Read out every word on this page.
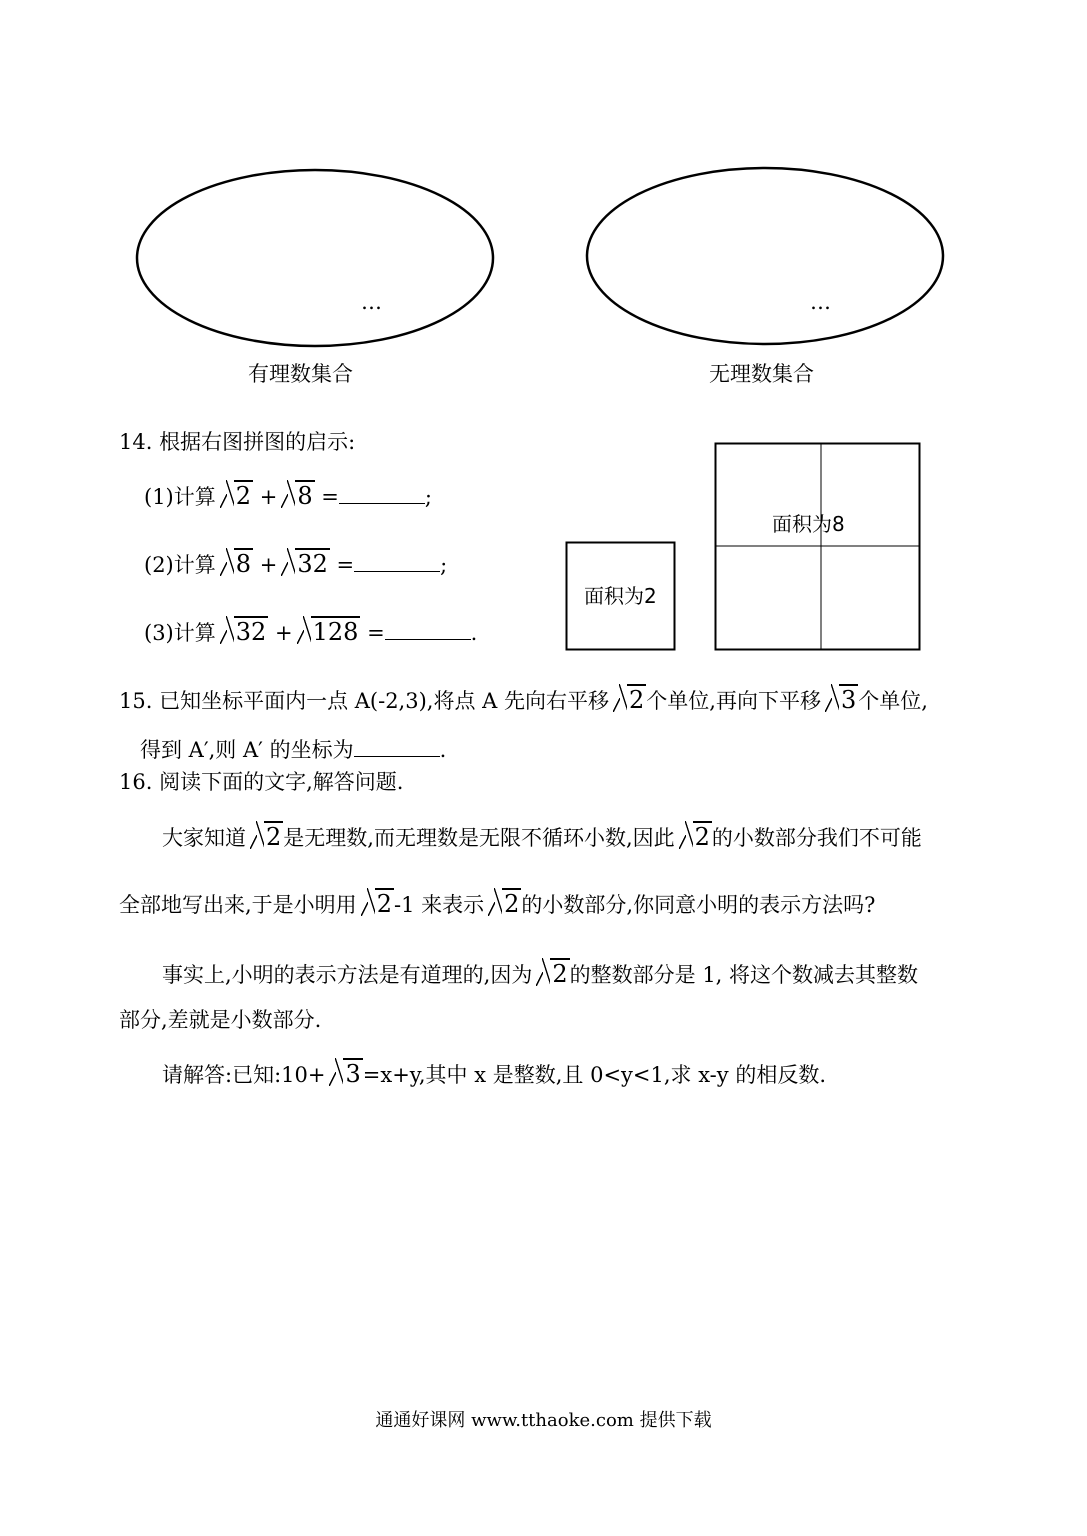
…	…
有理数集合	无理数集合
14. 根据右图拼图的启示:
(1)计算 2 + 8 =	;
(2)计算 8 + 32 =	;
(3)计算 32 + 128 =	.
面积为2
面积为8
15. 已知坐标平面内一点 A(-2,3),将点 A 先向右平移 2个单位,再向下平移 3个单位,
得到 A′,则 A′ 的坐标为	.
16. 阅读下面的文字,解答问题.
大家知道 2是无理数,而无理数是无限不循环小数,因此 2的小数部分我们不可能
全部地写出来,于是小明用 2-1 来表示 2的小数部分,你同意小明的表示方法吗?
事实上,小明的表示方法是有道理的,因为 2的整数部分是 1, 将这个数减去其整数
部分,差就是小数部分.
请解答:已知:10+ 3=x+y,其中 x 是整数,且 0<y<1,求 x-y 的相反数.
通通好课网 www.tthaoke.com 提供下载
